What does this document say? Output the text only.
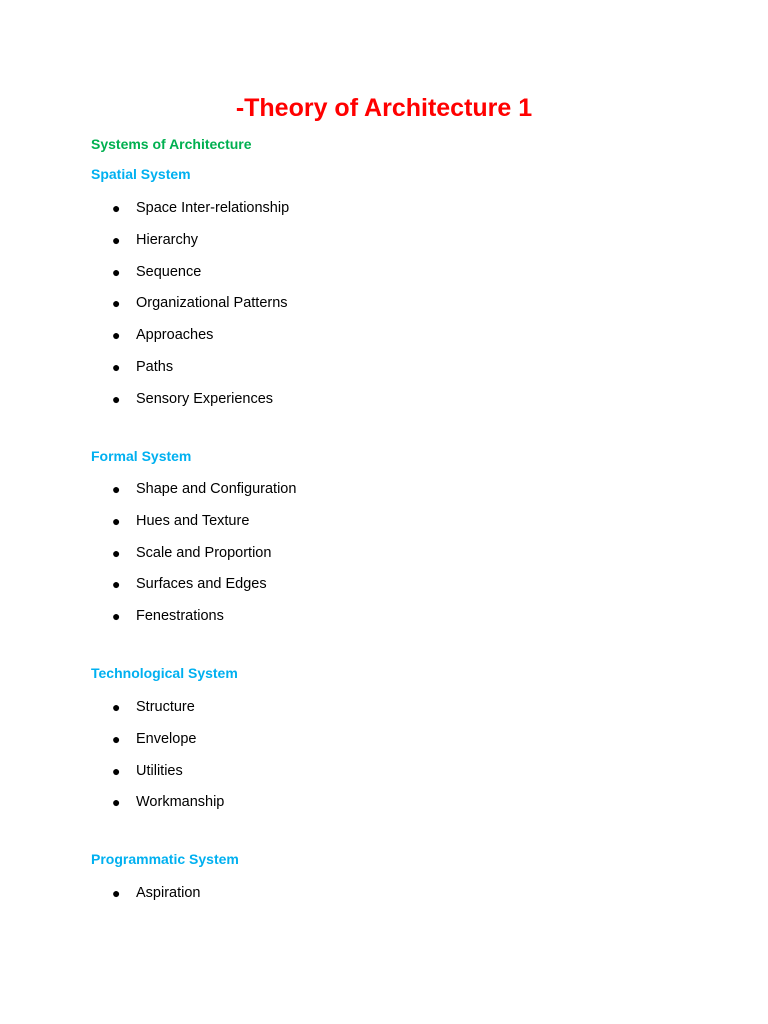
-Theory of Architecture 1
Systems of Architecture
Spatial System
● Space Inter-relationship
● Hierarchy
● Sequence
● Organizational Patterns
● Approaches
● Paths
● Sensory Experiences
Formal System
● Shape and Configuration
● Hues and Texture
● Scale and Proportion
● Surfaces and Edges
● Fenestrations
Technological System
● Structure
● Envelope
● Utilities
● Workmanship
Programmatic System
● Aspiration
